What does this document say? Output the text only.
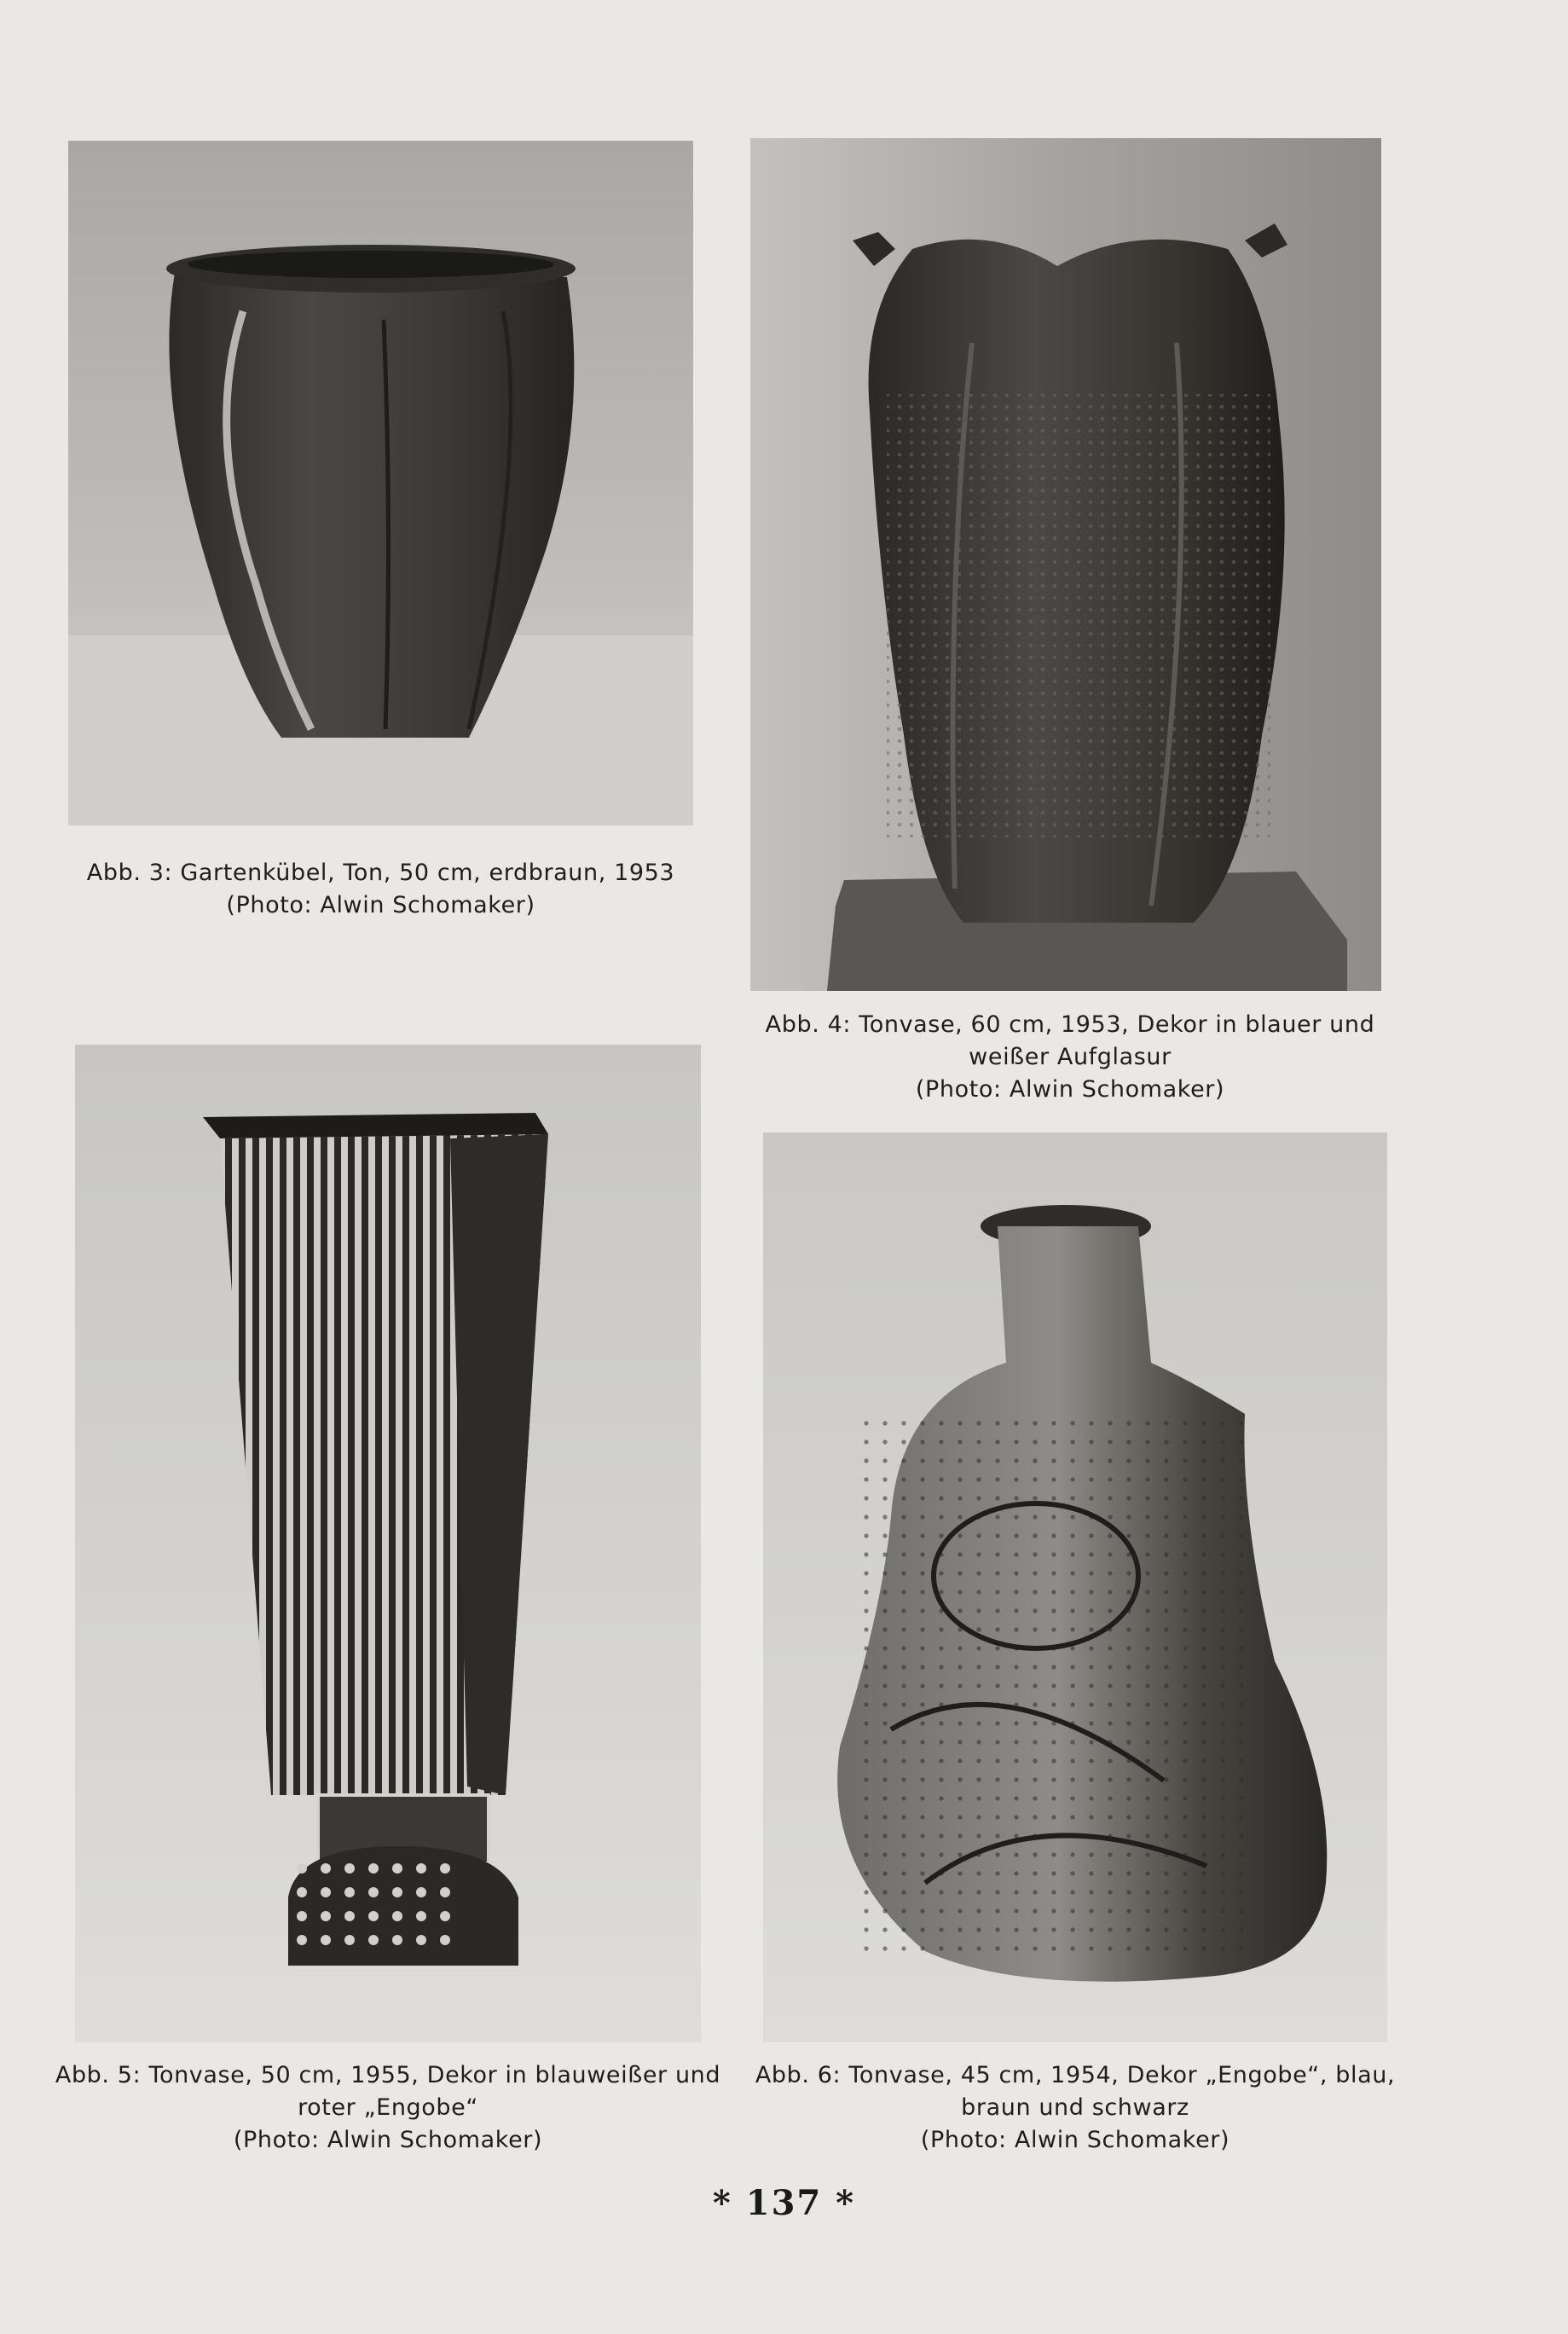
Abb. 3: Gartenkübel, Ton, 50 cm, erdbraun, 1953
(Photo: Alwin Schomaker)
Abb. 4: Tonvase, 60 cm, 1953, Dekor in blauer und
weißer Aufglasur
(Photo: Alwin Schomaker)
Abb. 5: Tonvase, 50 cm, 1955, Dekor in blauweißer und
roter „Engobe“
(Photo: Alwin Schomaker)
Abb. 6: Tonvase, 45 cm, 1954, Dekor „Engobe“, blau,
braun und schwarz
(Photo: Alwin Schomaker)
* 137 *
